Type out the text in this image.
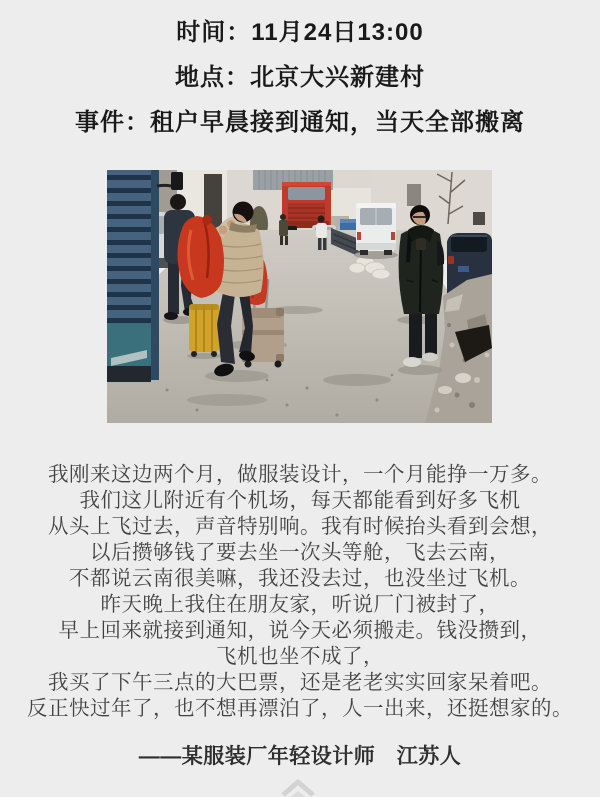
时间：11月24日13:00
地点：北京大兴新建村
事件：租户早晨接到通知，当天全部搬离
我刚来这边两个月，做服装设计，一个月能挣一万多。
我们这儿附近有个机场，每天都能看到好多飞机
从头上飞过去，声音特别响。我有时候抬头看到会想，
以后攒够钱了要去坐一次头等舱，飞去云南，
不都说云南很美嘛，我还没去过，也没坐过飞机。
昨天晚上我住在朋友家，听说厂门被封了，
早上回来就接到通知，说今天必须搬走。钱没攒到，
飞机也坐不成了，
我买了下午三点的大巴票，还是老老实实回家呆着吧。
反正快过年了，也不想再漂泊了，人一出来，还挺想家的。
——某服装厂年轻设计师　江苏人
